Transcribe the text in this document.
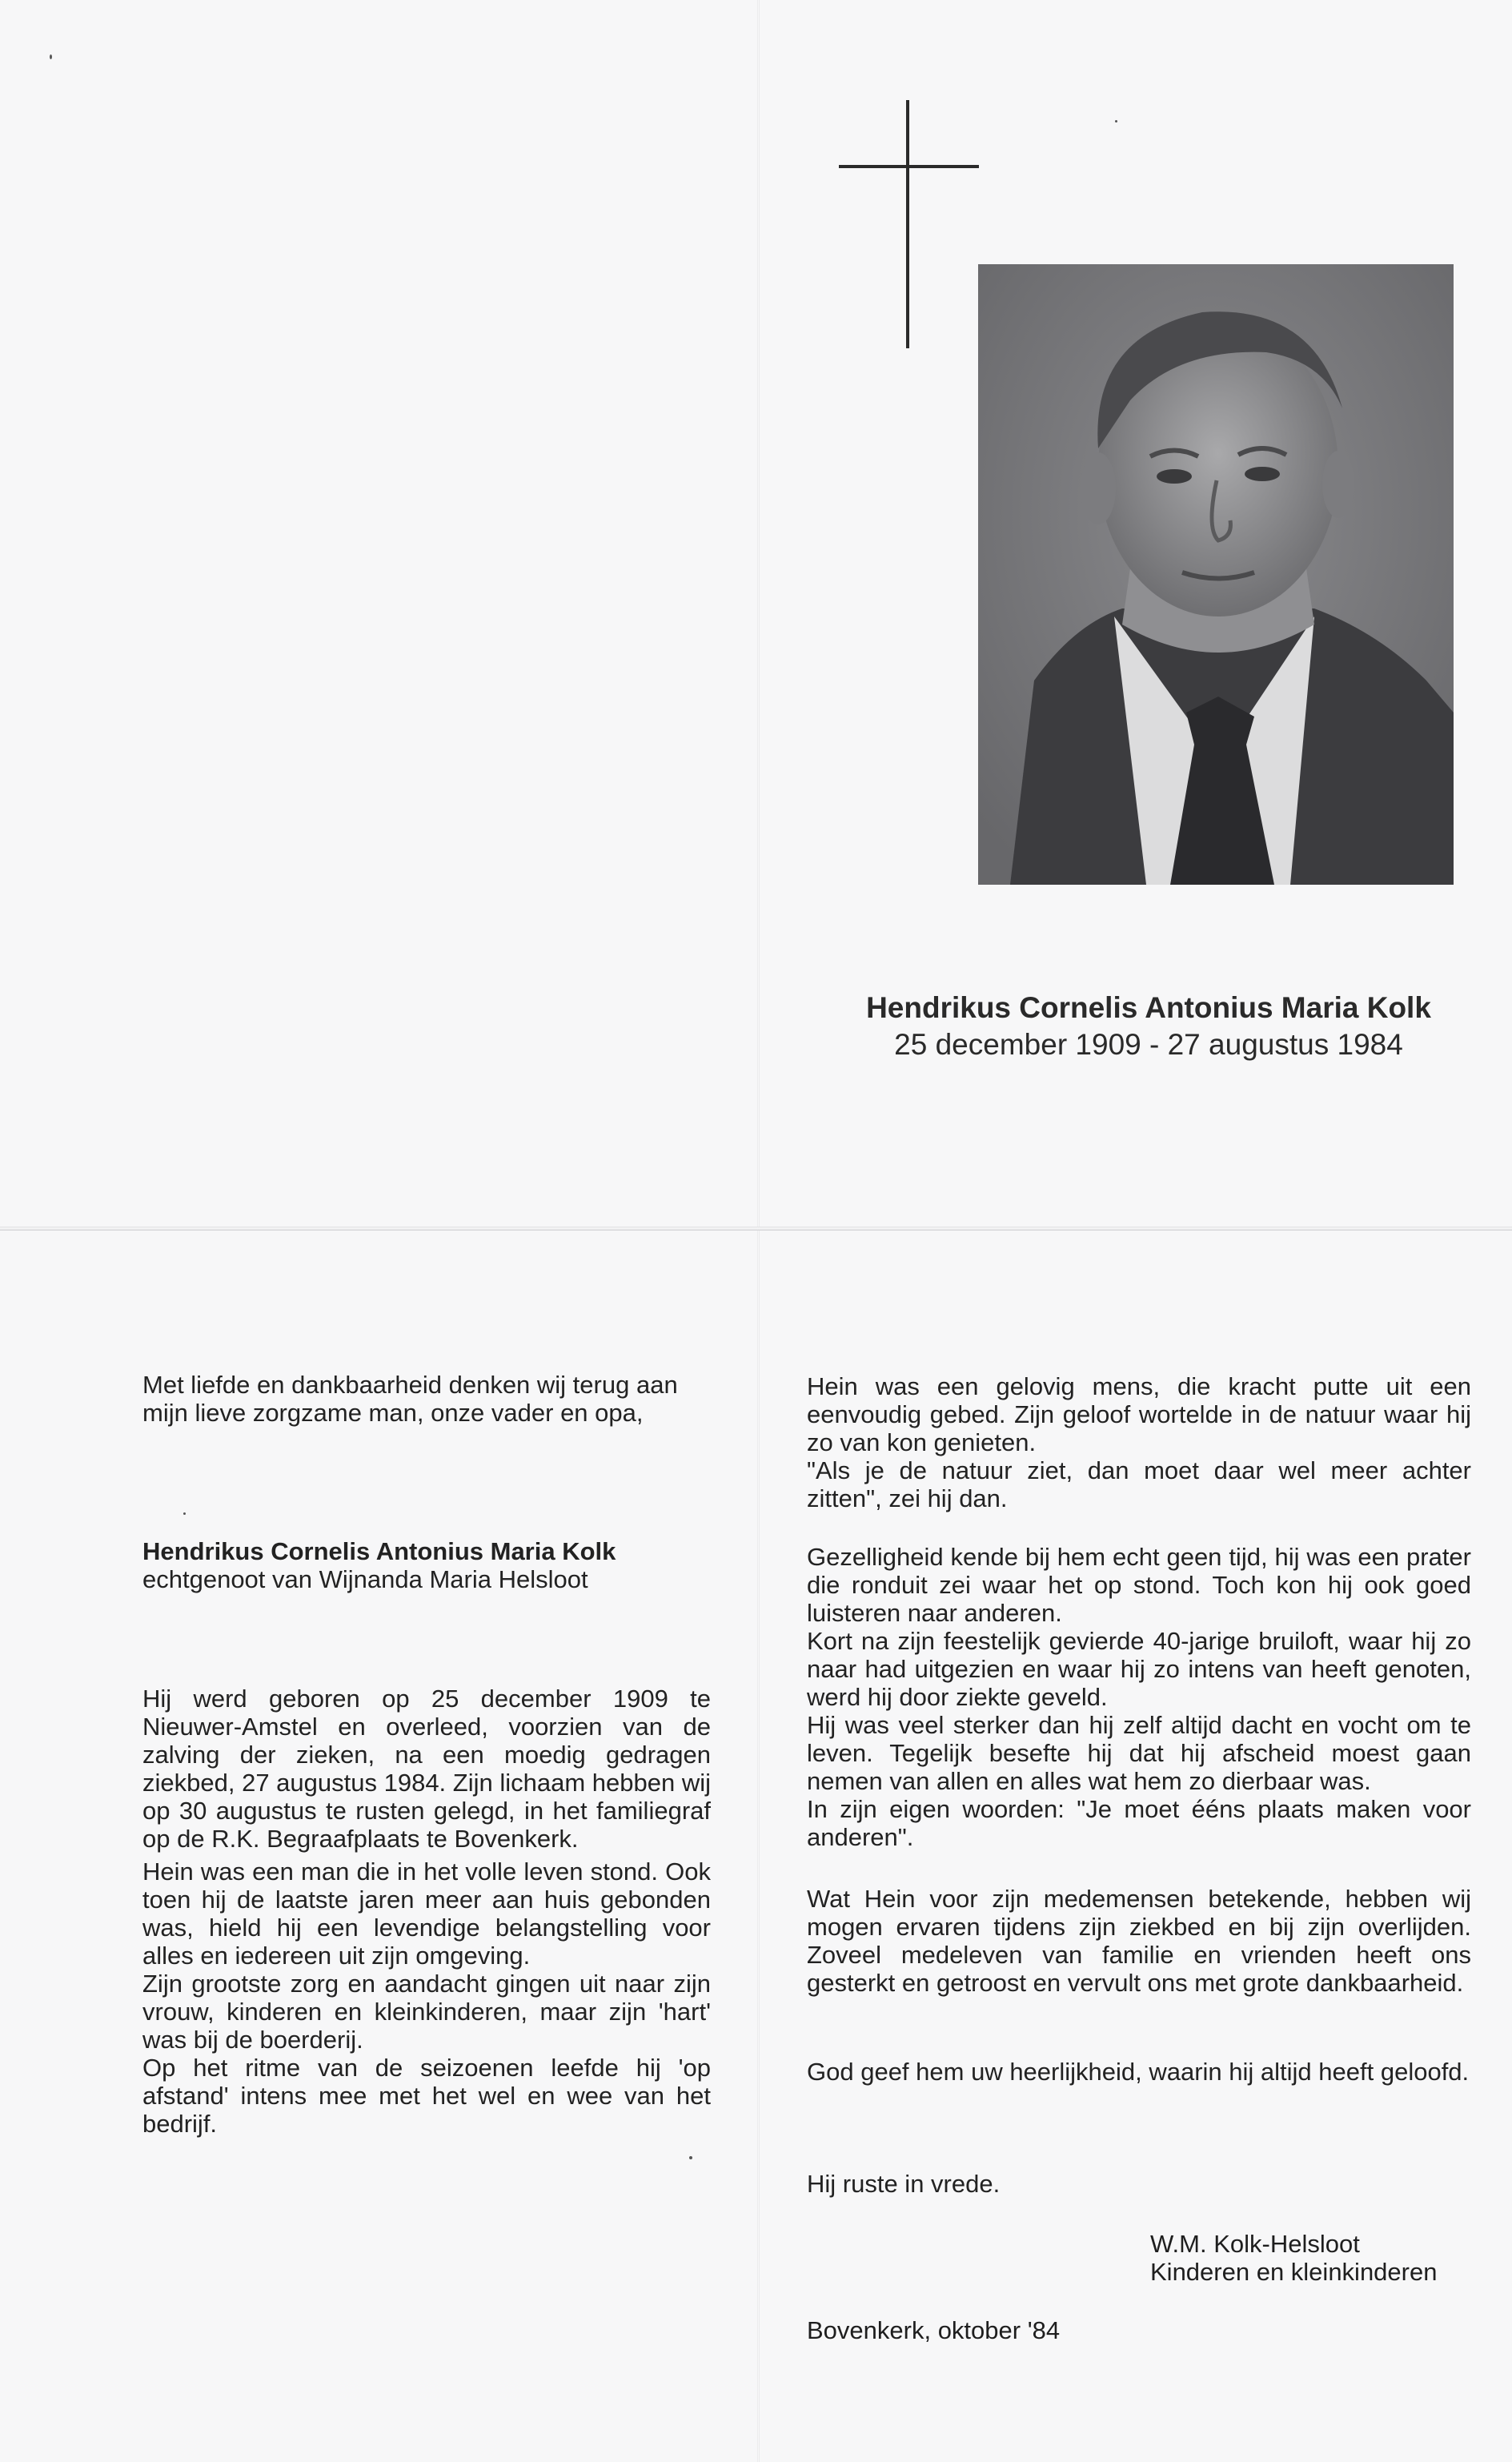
Hendrikus Cornelis Antonius Maria Kolk
25 december 1909 - 27 augustus 1984

Met liefde en dankbaarheid denken wij terug aan mijn lieve zorgzame man, onze vader en opa,

Hendrikus Cornelis Antonius Maria Kolk

echtgenoot van Wijnanda Maria Helsloot

Hij werd geboren op 25 december 1909 te Nieuwer-Amstel en overleed, voorzien van de zalving der zieken, na een moedig gedragen ziekbed, 27 augustus 1984. Zijn lichaam hebben wij op 30 augustus te rusten gelegd, in het familiegraf op de R.K. Begraafplaats te Bovenkerk.

Hein was een man die in het volle leven stond. Ook toen hij de laatste jaren meer aan huis gebonden was, hield hij een levendige belangstelling voor alles en iedereen uit zijn omgeving.

Zijn grootste zorg en aandacht gingen uit naar zijn vrouw, kinderen en kleinkinderen, maar zijn 'hart' was bij de boerderij.

Op het ritme van de seizoenen leefde hij 'op afstand' intens mee met het wel en wee van het bedrijf.

Hein was een gelovig mens, die kracht putte uit een eenvoudig gebed. Zijn geloof wortelde in de natuur waar hij zo van kon genieten.

"Als je de natuur ziet, dan moet daar wel meer achter zitten", zei hij dan.

Gezelligheid kende bij hem echt geen tijd, hij was een prater die ronduit zei waar het op stond. Toch kon hij ook goed luisteren naar anderen.

Kort na zijn feestelijk gevierde 40-jarige bruiloft, waar hij zo naar had uitgezien en waar hij zo intens van heeft genoten, werd hij door ziekte geveld.

Hij was veel sterker dan hij zelf altijd dacht en vocht om te leven. Tegelijk besefte hij dat hij afscheid moest gaan nemen van allen en alles wat hem zo dierbaar was.

In zijn eigen woorden: "Je moet ééns plaats maken voor anderen".

Wat Hein voor zijn medemensen betekende, hebben wij mogen ervaren tijdens zijn ziekbed en bij zijn overlijden. Zoveel medeleven van familie en vrienden heeft ons gesterkt en getroost en vervult ons met grote dankbaarheid.

God geef hem uw heerlijkheid, waarin hij altijd heeft geloofd.

Hij ruste in vrede.

W.M. Kolk-Helsloot
Kinderen en kleinkinderen
Bovenkerk, oktober '84
